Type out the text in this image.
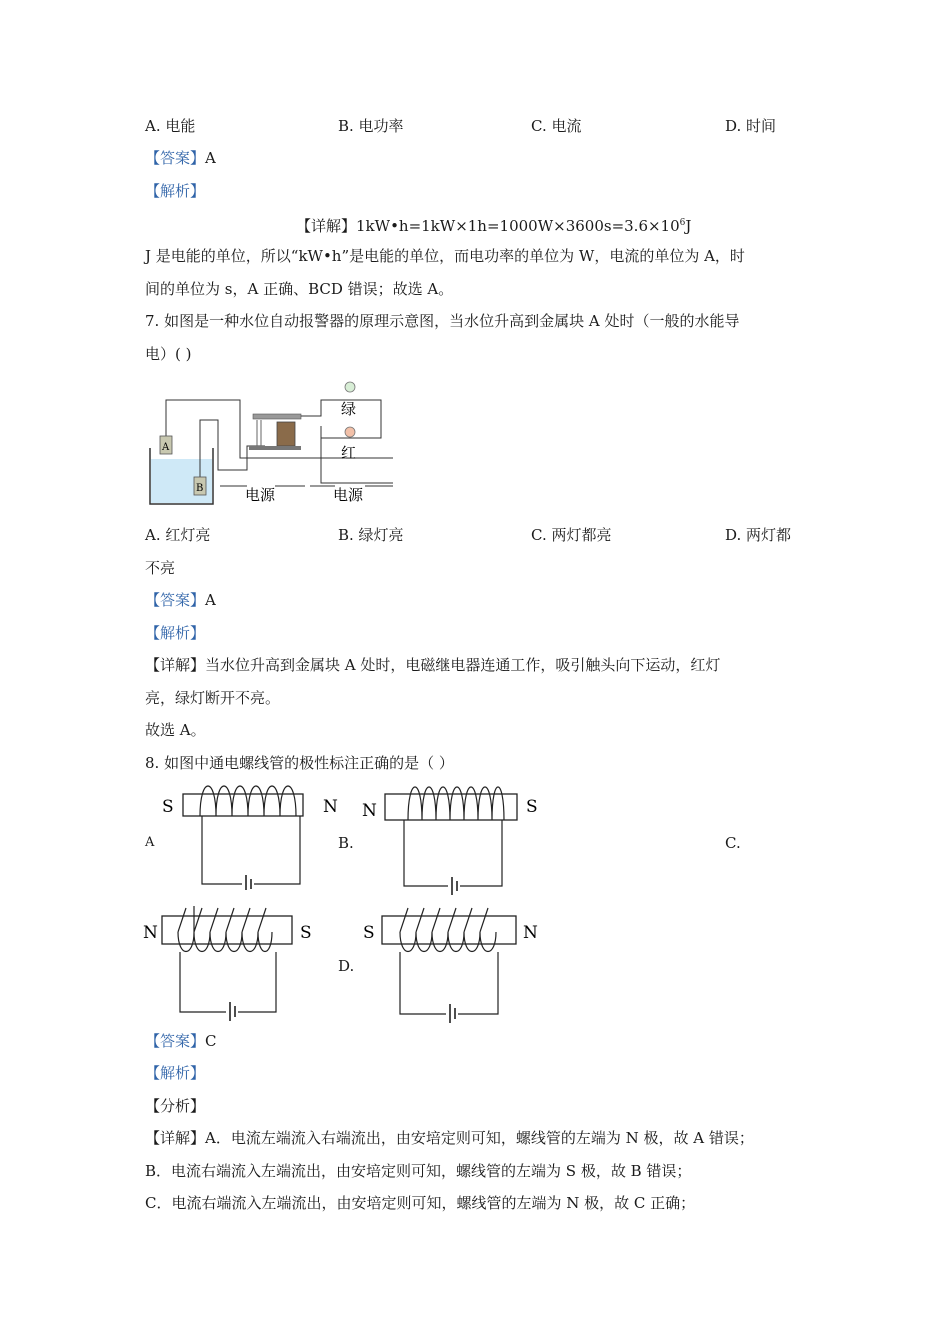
A. 电能	B. 电功率	C. 电流	D. 时间
【答案】A
【解析】
【详解】$1kW•h=1kW\times 1h=1000W\times 3600s=3.6\times 10^6J$
J 是电能的单位，所以“kW•h”是电能的单位，而电功率的单位为 W，电流的单位为 A，时
间的单位为 s，A 正确、BCD 错误；故选 A。
7. 如图是一种水位自动报警器的原理示意图，当水位升高到金属块 A 处时（一般的水能导
电）( )
A
B
绿
红
电源	电源
A. 红灯亮	B. 绿灯亮	C. 两灯都亮	D. 两灯都
不亮
【答案】A
【解析】
【详解】当水位升高到金属块 A 处时，电磁继电器连通工作，吸引触头向下运动，红灯
亮，绿灯断开不亮。
故选 A。
8. 如图中通电螺线管的极性标注正确的是（ ）
S	N
A	B.
N	S
C.
N	S
D.
S	N
【答案】C
【解析】
【分析】
【详解】A．电流左端流入右端流出，由安培定则可知，螺线管的左端为 N 极，故 A 错误；
B．电流右端流入左端流出，由安培定则可知，螺线管的左端为 S 极，故 B 错误；
C．电流右端流入左端流出，由安培定则可知，螺线管的左端为 N 极，故 C 正确；
